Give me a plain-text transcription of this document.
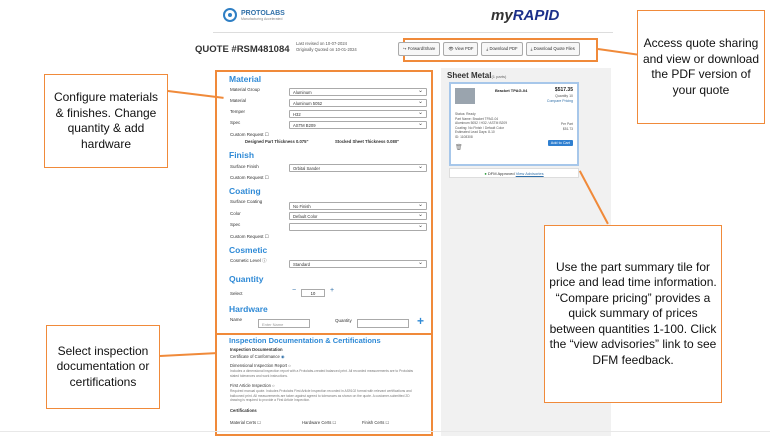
PROTOLABS
Manufacturing Accelerated	myRAPID
QUOTE #RSM481084
Last revised on 10-07-2024
Originally Quoted on 10-01-2024	↪ Forward/Share	👁 View PDF	⤓ Download PDF	⤓ Download Quote Files
Material
Material Group
Aluminum ⌄
Material
Aluminum 5052 ⌄
Temper
H32 ⌄
Spec
ASTM B209 ⌄
Custom Request ☐
Designed Part Thickness 0.075"	Stocked Sheet Thickness 0.080"
Finish
Surface Finish	Orbital Sander ⌄
Custom Request ☐
Coating
Surface Coating
No Finish ⌄
Color
Default Color ⌄
Spec
⌄
Custom Request ☐
Cosmetic
Cosmetic Level ⓘ
Standard ⌄
Quantity
Select	−	10	+
Hardware
Name
Enter Name
Quantity	+
Inspection Documentation & Certifications
Inspection Documentation
Certificate of Conformance ◉
Dimensional Inspection Report ○
Includes a dimensional inspection report with a Protolabs-created balanced print. All recorded measurements are to Protolabs stated tolerances and work instructions.
First Article Inspection ○
Required manual quote. Includes Protolabs First Article Inspection recorded in AS9102 format with relevant certifications and ballooned print. All measurements are taken against agreed to tolerances as shown on the quote. A customer-submitted 2D drawing is required to provide a First Article Inspection.
Certifications
Material Certs ☐	Hardware Certs ☐	Finish Certs ☐
Sheet Metal(1 parts)
Bracket TPAG-04	$517.35
Quantity 10
Compare Pricing
Status: Ready
Part Name: Bracket TPAG-04
Aluminum 5052 / H32 / ASTM B209
Coating: No Finish / Default Color
Estimated Lead Days: 8-10
ID: 1108308
Per Part
$51.73
Add to Cart
🗑
● DFM Approved View Advisories
Configure materials & finishes. Change quantity & add hardware
Select inspection documentation or certifications
Access quote sharing and view or download the PDF version of your quote
Use the part summary tile for price and lead time information. “Compare pricing” provides a quick summary of prices between quantities 1-100. Click the “view advisories” link to see DFM feedback.
